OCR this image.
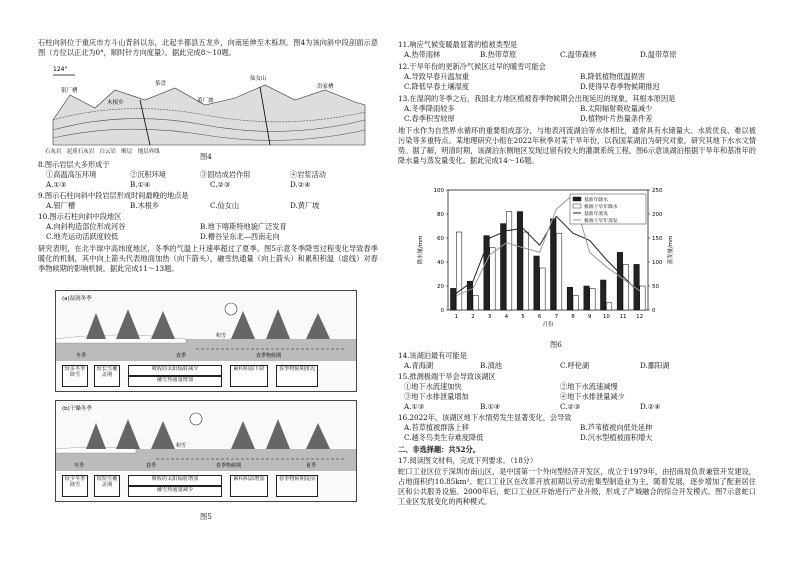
石柱向斜位于重庆市方斗山背斜以东，北起丰都县五龙乡，向南延伸至木栎坝。图4为该向斜中段剖面示意图（方位以正北为0°，顺时针方向度量）。据此完成8～10题。
124°
银厂槽
木根乡
茶盘
黄厂坡
仙女山
洪家槽
石灰岩 泥质石灰岩 白云岩 断层 地层界线	图4
8.图示岩层大多形成于
①高温高压环境	②沉积环境	③固结成岩作用	④岩浆活动
A.①③	B.①④	C.②③	D.②④
9.图示石柱向斜中段岩层形成时间最晚的地点是
A.银厂槽	B.木根乡	C.仙女山	D.黄厂坡
10.图示石柱向斜中段地区
A.向斜构造部位形成河谷	B.地下喀斯特地貌广泛发育
C.地壳运动活跃度较低	D.槽谷呈东北—西南走向
研究表明，在北半球中高纬度地区，冬季的气温上升速率超过了夏季。图5示意冬季降雪过程变化导致春季暖化的机制，其中向上箭头代表地面加热（向下箭头），融雪热通量（向上箭头）和累积积温（虚线）对春季物候期的影响机制。据此完成11～13题。
(a)湿润冬季
冬季	春季	春季物候期
积雪
较多冬季降雪
较长雪覆盖期
吸收的太阳辐射减少
融雪热通量增加
累积积温下降	春季物候期推迟
(b)干燥冬季
冬季	春季	春季物候期	夏季
积雪
较少冬季降雪
较短雪覆盖期
吸收的太阳辐射增加
融雪热通量减少
累积积温增加	春季物候期提前
图5
11.响应气候变暖最显著的植被类型是
A.热带雨林	B.热带草原	C.温带森林	D.温带草原
12.干旱年份的更新冷气候区过早的暖雪可能会
A.导致早春升温加重	B.降低植物低温损害
C.降低早春土壤湿度	D.使得早春季物候期推迟
13.在湿润的冬季之后，我国北方地区植被春季物候期会出现延迟的现象，其根本原因是
A.冬季降雨较多	B.太阳辐射吸收量减少
C.春季积雪较厚	D.植物叶片热量条件差
地下水作为自然界水循环的重要组成部分，与地表河流湖泊等水体相比，通常具有水储量大、水质优良、难以被污染等多重特点。某地理研究小组在2022年秋季对某干旱年份，以我国某湖泊为研究对象，研究其地下水水文情势。据了解，明清时期，该湖泊东侧地区发现过留有较大的灌溉系统工程。图6示意该湖泊根据干旱年和基准年的降水量与蒸发量变化。据此完成14～16题。
0
20
40
60
80
100
0
50
100
150
200
250
1 2 3 4 5 6 7 8 9 10 11 12
月份
降水量/mm	蒸发量/mm
基准年降水
极端干旱年降水
基准年蒸发
极端干旱年蒸发
图6
14.该湖泊最有可能是
A.青海湖	B.滇池	C.呼伦湖	D.鄱阳湖
15.推测极端干旱会导致该湖区
①地下水流速加快	②地下水流速减慢
③地下水排泄量增加	④地下水排泄量减少
A.①③	B.①④	C.②③	D.②④
16.2022年，该湖区地下水情势发生显著变化，会导致
A.苔草植被群落上移	B.芦苇植被向低处延伸
C.越冬鸟类生存难度降低	D.沉水型植被面积增大
二、非选择题：共52分。
17.阅读图文材料，完成下列要求。（18分）
蛇口工业区位于深圳市南山区，是中国第一个外向型经济开发区，成立于1979年，由招商局负责兼管开发建设，占地面积约10.85km²。蛇口工业区在改革开放初期以劳动密集型制造业为主，随着发展，逐步增加了配套居住区和公共服务设施。2000年后，蛇口工业区开始进行产业升级，形成了产城融合的综合开发模式。图7示意蛇口工业区发展变化的两种模式。
